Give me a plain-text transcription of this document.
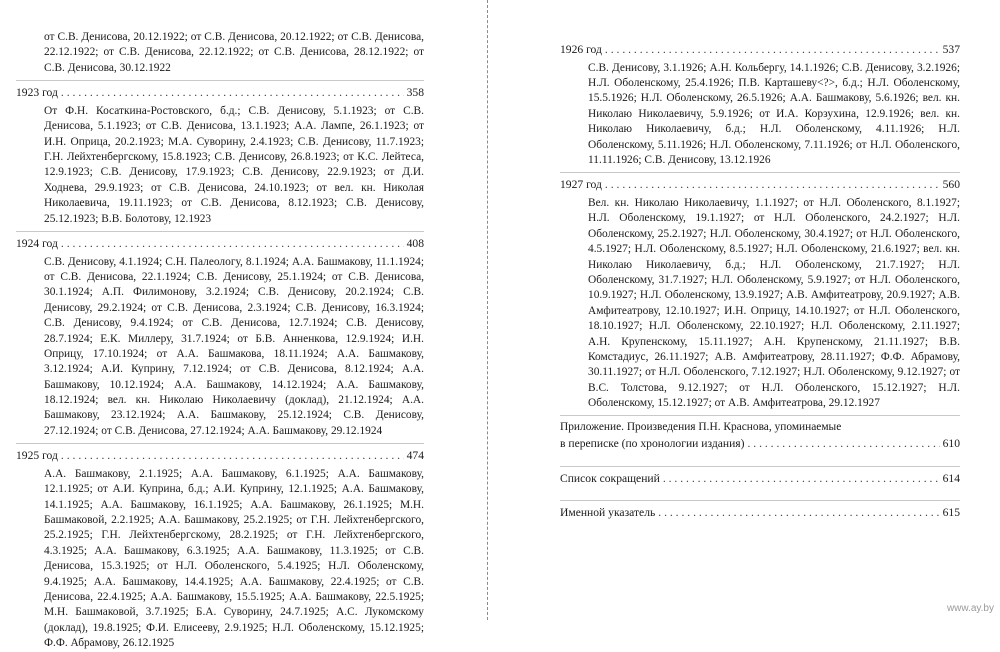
от С.В. Денисова, 20.12.1922; от С.В. Денисова, 20.12.1922; от С.В. Денисова, 22.12.1922; от С.В. Денисова, 22.12.1922; от С.В. Денисова, 28.12.1922; от С.В. Денисова, 30.12.1922

1923 год . . .	358

От Ф.Н. Косаткина-Ростовского, б.д.; С.В. Денисову, 5.1.1923; от С.В. Денисова, 5.1.1923; от С.В. Денисова, 13.1.1923; А.А. Лампе, 26.1.1923; от И.Н. Оприца, 20.2.1923; М.А. Суворину, 2.4.1923; С.В. Денисову, 11.7.1923; Г.Н. Лейхтенбергскому, 15.8.1923; С.В. Денисову, 26.8.1923; от К.С. Лейтеса, 12.9.1923; С.В. Денисову, 17.9.1923; С.В. Денисову, 22.9.1923; от Д.И. Ходнева, 29.9.1923; от С.В. Денисова, 24.10.1923; от вел. кн. Николая Николаевича, 19.11.1923; от С.В. Денисова, 8.12.1923; С.В. Денисову, 25.12.1923; В.В. Болотову, 12.1923

1924 год . . .	408

С.В. Денисову, 4.1.1924; С.Н. Палеологу, 8.1.1924; А.А. Башмакову, 11.1.1924; от С.В. Денисова, 22.1.1924; С.В. Денисову, 25.1.1924; от С.В. Денисова, 30.1.1924; А.П. Филимонову, 3.2.1924; С.В. Денисову, 20.2.1924; С.В. Денисову, 29.2.1924; от С.В. Денисова, 2.3.1924; С.В. Денисову, 16.3.1924; С.В. Денисову, 9.4.1924; от С.В. Денисова, 12.7.1924; С.В. Денисову, 28.7.1924; Е.К. Миллеру, 31.7.1924; от Б.В. Анненкова, 12.9.1924; И.Н. Оприцу, 17.10.1924; от А.А. Башмакова, 18.11.1924; А.А. Башмакову, 3.12.1924; А.И. Куприну, 7.12.1924; от С.В. Денисова, 8.12.1924; А.А. Башмакову, 10.12.1924; А.А. Башмакову, 14.12.1924; А.А. Башмакову, 18.12.1924; вел. кн. Николаю Николаевичу (доклад), 21.12.1924; А.А. Башмакову, 23.12.1924; А.А. Башмакову, 25.12.1924; С.В. Денисову, 27.12.1924; от С.В. Денисова, 27.12.1924; А.А. Башмакову, 29.12.1924

1925 год . . .	474

А.А. Башмакову, 2.1.1925; А.А. Башмакову, 6.1.1925; А.А. Башмакову, 12.1.1925; от А.И. Куприна, б.д.; А.И. Куприну, 12.1.1925; А.А. Башмакову, 14.1.1925; А.А. Башмакову, 16.1.1925; А.А. Башмакову, 26.1.1925; М.Н. Башмаковой, 2.2.1925; А.А. Башмакову, 25.2.1925; от Г.Н. Лейхтенбергского, 25.2.1925; Г.Н. Лейхтенбергскому, 28.2.1925; от Г.Н. Лейхтенбергского, 4.3.1925; А.А. Башмакову, 6.3.1925; А.А. Башмакову, 11.3.1925; от С.В. Денисова, 15.3.1925; от Н.Л. Оболенского, 5.4.1925; Н.Л. Оболенскому, 9.4.1925; А.А. Башмакову, 14.4.1925; А.А. Башмакову, 22.4.1925; от С.В. Денисова, 22.4.1925; А.А. Башмакову, 15.5.1925; А.А. Башмакову, 22.5.1925; М.Н. Башмаковой, 3.7.1925; Б.А. Суворину, 24.7.1925; А.С. Лукомскому (доклад), 19.8.1925; Ф.И. Елисееву, 2.9.1925; Н.Л. Оболенскому, 15.12.1925; Ф.Ф. Абрамову, 26.12.1925

1926 год . . .	537

С.В. Денисову, 3.1.1926; А.Н. Кольбергу, 14.1.1926; С.В. Денисову, 3.2.1926; Н.Л. Оболенскому, 25.4.1926; П.В. Карташеву<?>, б.д.; Н.Л. Оболенскому, 15.5.1926; Н.Л. Оболенскому, 26.5.1926; А.А. Башмакову, 5.6.1926; вел. кн. Николаю Николаевичу, 5.9.1926; от И.А. Корзухина, 12.9.1926; вел. кн. Николаю Николаевичу, б.д.; Н.Л. Оболенскому, 4.11.1926; Н.Л. Оболенскому, 5.11.1926; Н.Л. Оболенскому, 7.11.1926; от Н.Л. Оболенского, 11.11.1926; С.В. Денисову, 13.12.1926

1927 год . . .	560

Вел. кн. Николаю Николаевичу, 1.1.1927; от Н.Л. Оболенского, 8.1.1927; Н.Л. Оболенскому, 19.1.1927; от Н.Л. Оболенского, 24.2.1927; Н.Л. Оболенскому, 25.2.1927; Н.Л. Оболенскому, 30.4.1927; от Н.Л. Оболенского, 4.5.1927; Н.Л. Оболенскому, 8.5.1927; Н.Л. Оболенскому, 21.6.1927; вел. кн. Николаю Николаевичу, б.д.; Н.Л. Оболенскому, 21.7.1927; Н.Л. Оболенскому, 31.7.1927; Н.Л. Оболенскому, 5.9.1927; от Н.Л. Оболенского, 10.9.1927; Н.Л. Оболенскому, 13.9.1927; А.В. Амфитеатрову, 20.9.1927; А.В. Амфитеатрову, 12.10.1927; И.Н. Оприцу, 14.10.1927; от Н.Л. Оболенского, 18.10.1927; Н.Л. Оболенскому, 22.10.1927; Н.Л. Оболенскому, 2.11.1927; А.Н. Крупенскому, 15.11.1927; А.Н. Крупенскому, 21.11.1927; В.В. Комстадиус, 26.11.1927; А.В. Амфитеатрову, 28.11.1927; Ф.Ф. Абрамову, 30.11.1927; от Н.Л. Оболенского, 7.12.1927; Н.Л. Оболенскому, 9.12.1927; от В.С. Толстова, 9.12.1927; от Н.Л. Оболенского, 15.12.1927; Н.Л. Оболенскому, 15.12.1927; от А.В. Амфитеатрова, 29.12.1927

Приложение. Произведения П.Н. Краснова, упоминаемые
в переписке (по хронологии издания) . . .	610
Список сокращений . . .	614
Именной указатель . . .	615
www.ay.by
